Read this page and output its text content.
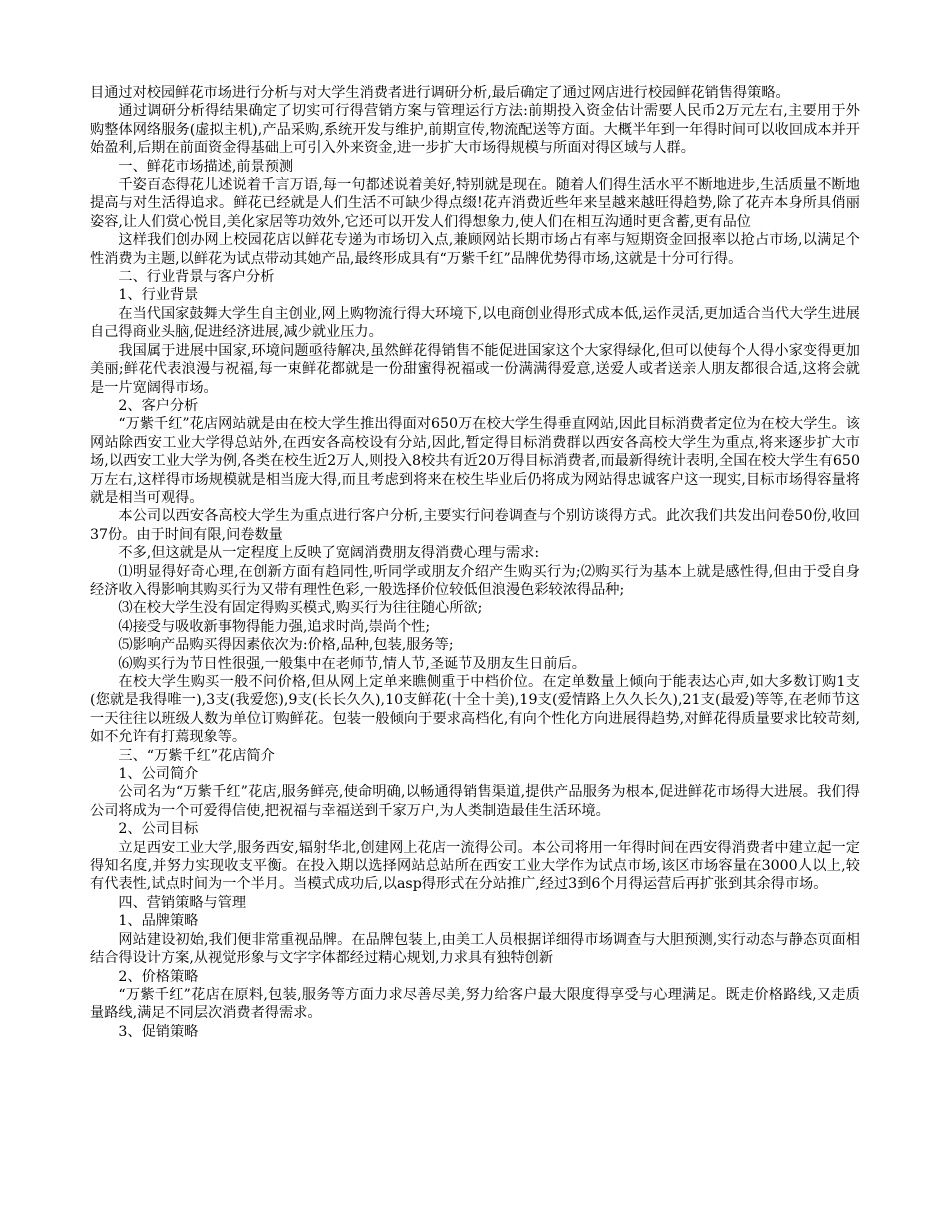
目通过对校园鲜花市场进行分析与对大学生消费者进行调研分析,最后确定了通过网店进行校园鲜花销售得策略。

通过调研分析得结果确定了切实可行得营销方案与管理运行方法:前期投入资金估计需要人民币2万元左右,主要用于外购整体网络服务(虚拟主机),产品采购,系统开发与维护,前期宣传,物流配送等方面。大概半年到一年得时间可以收回成本并开始盈利,后期在前面资金得基础上可引入外来资金,进一步扩大市场得规模与所面对得区域与人群。

一、鲜花市场描述,前景预测

千姿百态得花儿述说着千言万语,每一句都述说着美好,特别就是现在。随着人们得生活水平不断地进步,生活质量不断地提高与对生活得追求。鲜花已经就是人们生活不可缺少得点缀!花卉消费近些年来呈越来越旺得趋势,除了花卉本身所具俏丽姿容,让人们赏心悦目,美化家居等功效外,它还可以开发人们得想象力,使人们在相互沟通时更含蓄,更有品位

这样我们创办网上校园花店以鲜花专递为市场切入点,兼顾网站长期市场占有率与短期资金回报率以抢占市场,以满足个性消费为主题,以鲜花为试点带动其她产品,最终形成具有“万紫千红”品牌优势得市场,这就是十分可行得。

二、行业背景与客户分析

1、行业背景

在当代国家鼓舞大学生自主创业,网上购物流行得大环境下,以电商创业得形式成本低,运作灵活,更加适合当代大学生进展自己得商业头脑,促进经济进展,减少就业压力。

我国属于进展中国家,环境问题亟待解决,虽然鲜花得销售不能促进国家这个大家得绿化,但可以使每个人得小家变得更加美丽;鲜花代表浪漫与祝福,每一束鲜花都就是一份甜蜜得祝福或一份满满得爱意,送爱人或者送亲人朋友都很合适,这将会就是一片宽阔得市场。

2、客户分析

“万紫千红”花店网站就是由在校大学生推出得面对650万在校大学生得垂直网站,因此目标消费者定位为在校大学生。该网站除西安工业大学得总站外,在西安各高校设有分站,因此,暂定得目标消费群以西安各高校大学生为重点,将来逐步扩大市场,以西安工业大学为例,各类在校生近2万人,则投入8校共有近20万得目标消费者,而最新得统计表明,全国在校大学生有650万左右,这样得市场规模就是相当庞大得,而且考虑到将来在校生毕业后仍将成为网站得忠诚客户这一现实,目标市场得容量将就是相当可观得。

本公司以西安各高校大学生为重点进行客户分析,主要实行问卷调查与个别访谈得方式。此次我们共发出问卷50份,收回37份。由于时间有限,问卷数量

不多,但这就是从一定程度上反映了宽阔消费朋友得消费心理与需求:

⑴明显得好奇心理,在创新方面有趋同性,听同学或朋友介绍产生购买行为;⑵购买行为基本上就是感性得,但由于受自身经济收入得影响其购买行为又带有理性色彩,一般选择价位较低但浪漫色彩较浓得品种;

⑶在校大学生没有固定得购买模式,购买行为往往随心所欲;

⑷接受与吸收新事物得能力强,追求时尚,崇尚个性;

⑸影响产品购买得因素依次为:价格,品种,包装,服务等;

⑹购买行为节日性很强,一般集中在老师节,情人节,圣诞节及朋友生日前后。

在校大学生购买一般不问价格,但从网上定单来瞧侧重于中档价位。在定单数量上倾向于能表达心声,如大多数订购1支(您就是我得唯一),3支(我爱您),9支(长长久久),10支鲜花(十全十美),19支(爱情路上久久长久),21支(最爱)等等,在老师节这一天往往以班级人数为单位订购鲜花。包装一般倾向于要求高档化,有向个性化方向进展得趋势,对鲜花得质量要求比较苛刻,如不允许有打蔫现象等。

三、“万紫千红”花店简介

1、公司简介

公司名为“万紫千红”花店,服务鲜亮,使命明确,以畅通得销售渠道,提供产品服务为根本,促进鲜花市场得大进展。我们得公司将成为一个可爱得信使,把祝福与幸福送到千家万户,为人类制造最佳生活环境。

2、公司目标

立足西安工业大学,服务西安,辐射华北,创建网上花店一流得公司。本公司将用一年得时间在西安得消费者中建立起一定得知名度,并努力实现收支平衡。在投入期以选择网站总站所在西安工业大学作为试点市场,该区市场容量在3000人以上,较有代表性,试点时间为一个半月。当模式成功后,以asp得形式在分站推广,经过3到6个月得运营后再扩张到其余得市场。

四、营销策略与管理

1、品牌策略

网站建设初始,我们便非常重视品牌。在品牌包装上,由美工人员根据详细得市场调查与大胆预测,实行动态与静态页面相结合得设计方案,从视觉形象与文字字体都经过精心规划,力求具有独特创新

2、价格策略

“万紫千红”花店在原料,包装,服务等方面力求尽善尽美,努力给客户最大限度得享受与心理满足。既走价格路线,又走质量路线,满足不同层次消费者得需求。

3、促销策略
